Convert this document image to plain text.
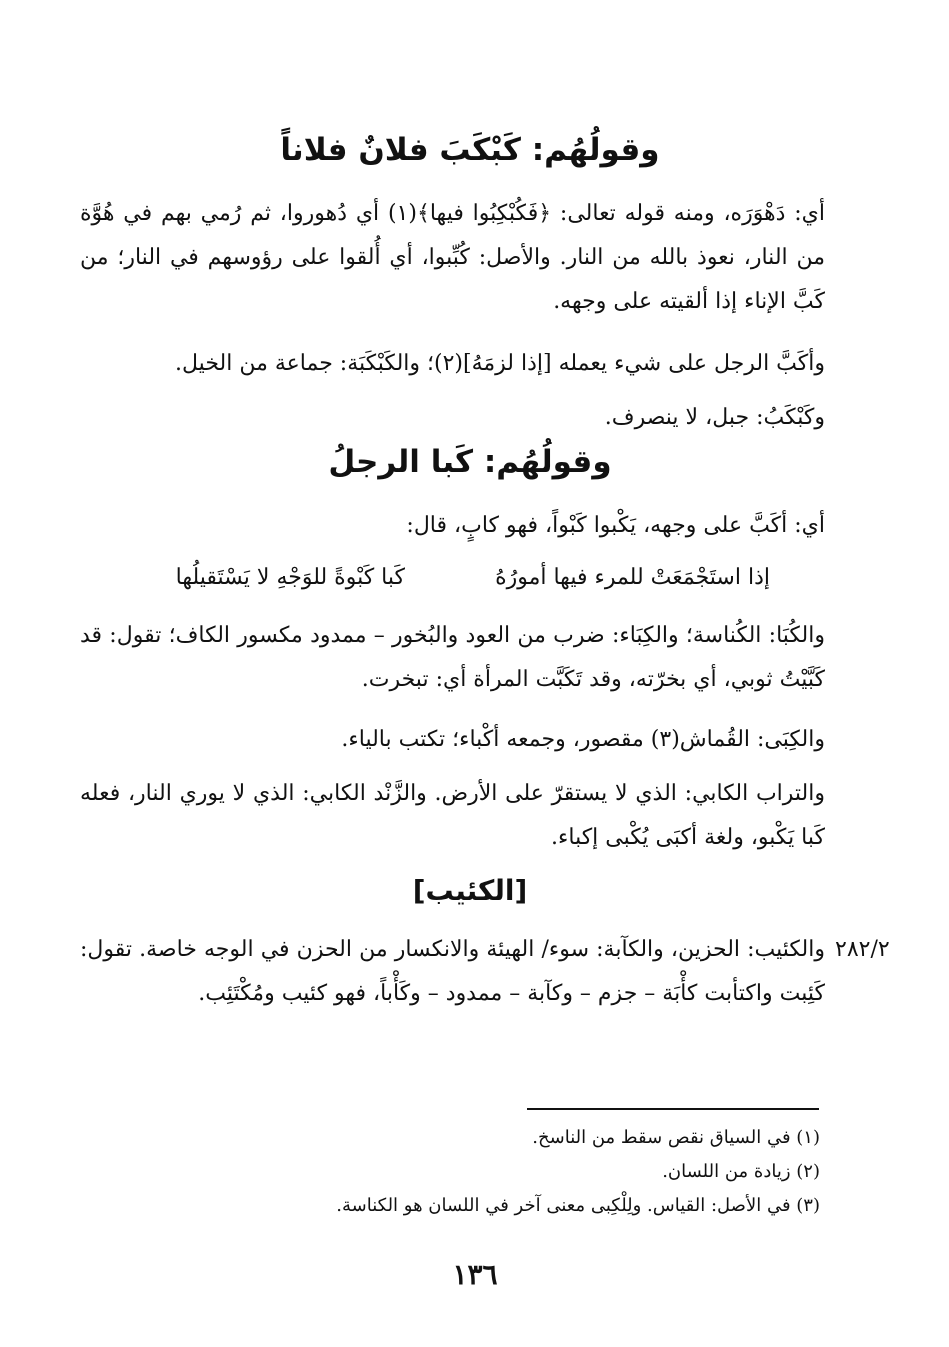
وقولُهُم: كَبْكَبَ فلانٌ فلاناً
أي: دَهْوَرَه، ومنه قوله تعالى: ﴿فَكُبْكِبُوا فيها﴾(١) أي دُهوروا، ثم رُمي بهم في هُوَّة من النار، نعوذ بالله من النار. والأصل: كُبِّبوا، أي أُلقوا على رؤوسهم في النار؛ من كَبَّ الإناء إذا ألقيته على وجهه.
وأكَبَّ الرجل على شيء يعمله [إذا لزمَهُ](٢)؛ والكَبْكَبَة: جماعة من الخيل.
وكَبْكَبُ: جبل، لا ينصرف.
وقولُهُم: كَبا الرجلُ
أي: أكَبَّ على وجهه، يَكْبوا كَبْواً، فهو كابٍ، قال:
إذا استَجْمَعَتْ للمرء فيها أمورُهُ
كَبا كَبْوةً للوَجْهِ لا يَسْتَقيلُها
والكُبَا: الكُناسة؛ والكِبَاء: ضرب من العود والبُخور – ممدود مكسور الكاف؛ تقول: قد كَبَّيْتُ ثوبي، أي بخرّته، وقد تَكَبَّت المرأة أي: تبخرت.
والكِبَى: القُماش(٣) مقصور، وجمعه أكْباء؛ تكتب بالياء.
والتراب الكابي: الذي لا يستقرّ على الأرض. والزَّنْد الكابي: الذي لا يوري النار، فعله كَبا يَكْبو، ولغة أكبَى يُكْبى إكباء.
[الكئيب]
٢٨٢/٢
والكئيب: الحزين، والكآبة: سوء/ الهيئة والانكسار من الحزن في الوجه خاصة. تقول: كَئِبت واكتأبت كأْبَة – جزم – وكآبة – ممدود – وكَأْباً، فهو كئيب ومُكْتَئِب.
(١) في السياق نقص سقط من الناسخ.
(٢) زيادة من اللسان.
(٣) في الأصل: القياس. ولِلْكِبى معنى آخر في اللسان هو الكناسة.
١٣٦
